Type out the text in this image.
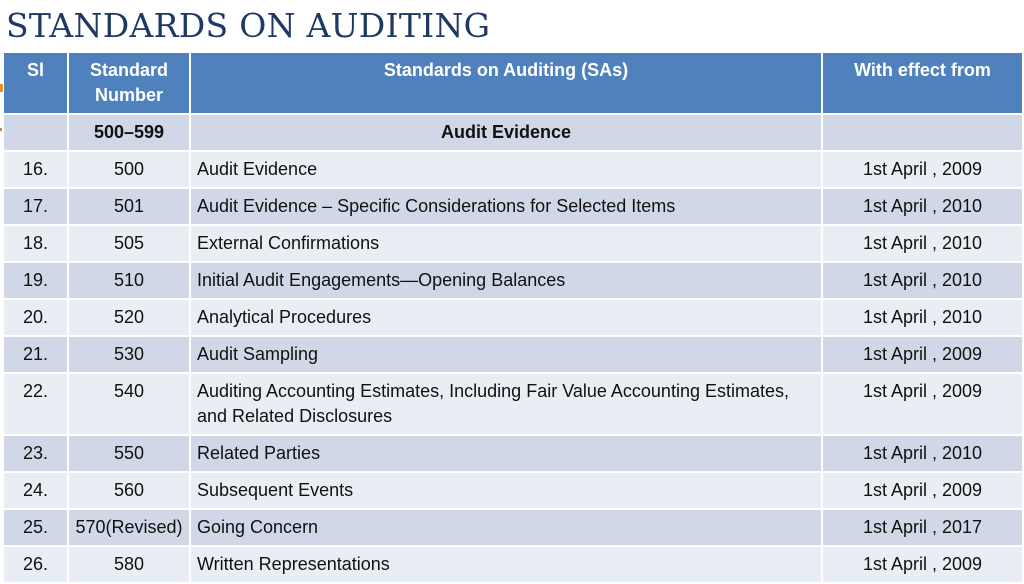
STANDARDS ON AUDITING
Sl	Standard Number	Standards on Auditing (SAs)	With effect from
	500–599	Audit Evidence	
16.	500	Audit Evidence	1st April , 2009
17.	501	Audit Evidence – Specific Considerations for Selected Items	1st April , 2010
18.	505	External Confirmations	1st April , 2010
19.	510	Initial Audit Engagements—Opening Balances	1st April , 2010
20.	520	Analytical Procedures	1st April , 2010
21.	530	Audit Sampling	1st April , 2009
22.	540	Auditing Accounting Estimates, Including Fair Value Accounting Estimates, and Related Disclosures	1st April , 2009
23.	550	Related Parties	1st April , 2010
24.	560	Subsequent Events	1st April , 2009
25.	570(Revised)	Going Concern	1st April , 2017
26.	580	Written Representations	1st April , 2009
